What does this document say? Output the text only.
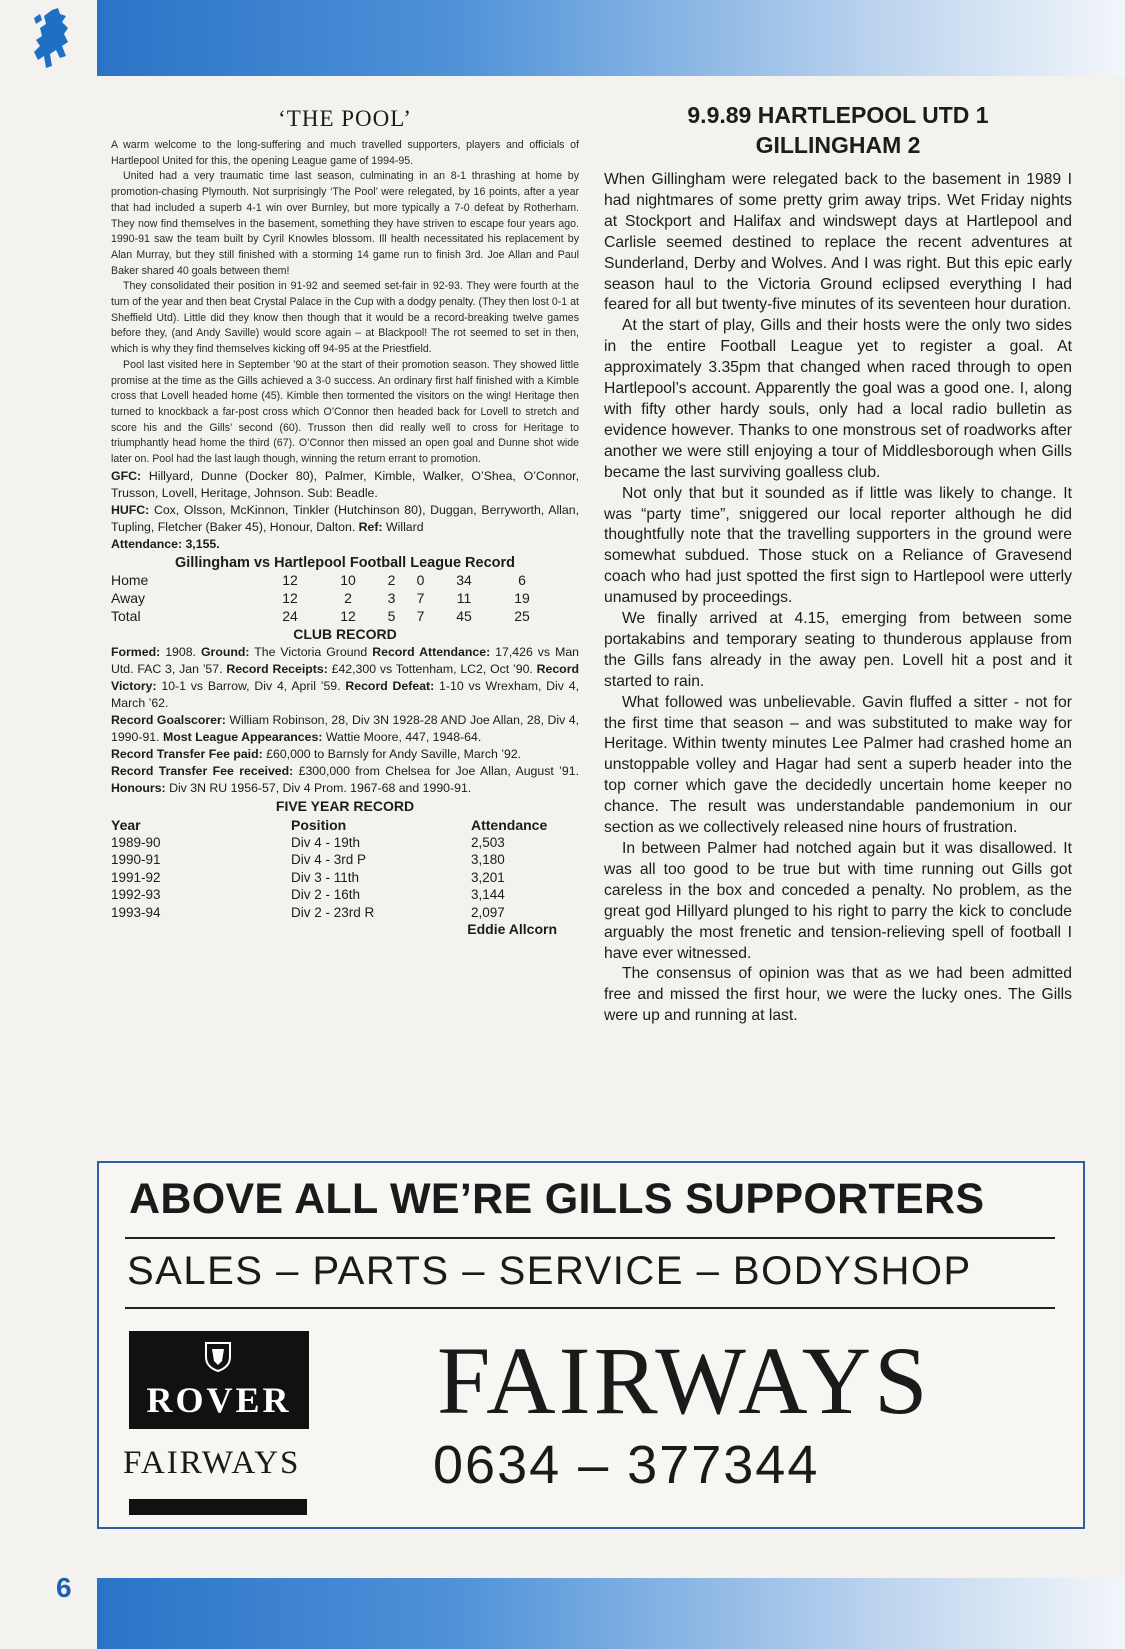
‘THE POOL’

A warm welcome to the long-suffering and much travelled supporters, players and officials of Hartlepool United for this, the opening League game of 1994-95.

United had a very traumatic time last season, culminating in an 8-1 thrashing at home by promotion-chasing Plymouth. Not surprisingly ‘The Pool’ were relegated, by 16 points, after a year that had included a superb 4-1 win over Burnley, but more typically a 7-0 defeat by Rotherham. They now find themselves in the basement, something they have striven to escape four years ago. 1990-91 saw the team built by Cyril Knowles blossom. Ill health necessitated his replacement by Alan Murray, but they still finished with a storming 14 game run to finish 3rd. Joe Allan and Paul Baker shared 40 goals between them!

They consolidated their position in 91-92 and seemed set-fair in 92-93. They were fourth at the turn of the year and then beat Crystal Palace in the Cup with a dodgy penalty. (They then lost 0-1 at Sheffield Utd). Little did they know then though that it would be a record-breaking twelve games before they, (and Andy Saville) would score again – at Blackpool! The rot seemed to set in then, which is why they find themselves kicking off 94-95 at the Priestfield.

Pool last visited here in September ’90 at the start of their promotion season. They showed little promise at the time as the Gills achieved a 3-0 success. An ordinary first half finished with a Kimble cross that Lovell headed home (45). Kimble then tormented the visitors on the wing! Heritage then turned to knockback a far-post cross which O’Connor then headed back for Lovell to stretch and score his and the Gills’ second (60). Trusson then did really well to cross for Heritage to triumphantly head home the third (67). O’Connor then missed an open goal and Dunne shot wide later on. Pool had the last laugh though, winning the return errant to promotion.

GFC: Hillyard, Dunne (Docker 80), Palmer, Kimble, Walker, O’Shea, O’Connor, Trusson, Lovell, Heritage, Johnson. Sub: Beadle.

HUFC: Cox, Olsson, McKinnon, Tinkler (Hutchinson 80), Duggan, Berryworth, Allan, Tupling, Fletcher (Baker 45), Honour, Dalton. Ref: Willard

Attendance: 3,155.

Gillingham vs Hartlepool Football League Record
Home	12	10	2	0	34	6
Away	12	2	3	7	11	19
Total	24	12	5	7	45	25
CLUB RECORD

Formed: 1908. Ground: The Victoria Ground Record Attendance: 17,426 vs Man Utd. FAC 3, Jan ’57. Record Receipts: £42,300 vs Tottenham, LC2, Oct ’90. Record Victory: 10-1 vs Barrow, Div 4, April ’59. Record Defeat: 1-10 vs Wrexham, Div 4, March ’62.
Record Goalscorer: William Robinson, 28, Div 3N 1928-28 AND Joe Allan, 28, Div 4, 1990-91. Most League Appearances: Wattie Moore, 447, 1948-64.
Record Transfer Fee paid: £60,000 to Barnsly for Andy Saville, March ’92.
Record Transfer Fee received: £300,000 from Chelsea for Joe Allan, August ’91. Honours: Div 3N RU 1956-57, Div 4 Prom. 1967-68 and 1990-91.

FIVE YEAR RECORD
Year	Position	Attendance
1989-90	Div 4 - 19th	2,503
1990-91	Div 4 - 3rd P	3,180
1991-92	Div 3 - 11th	3,201
1992-93	Div 2 - 16th	3,144
1993-94	Div 2 - 23rd R	2,097
Eddie Allcorn
9.9.89 HARTLEPOOL UTD 1
GILLINGHAM 2

When Gillingham were relegated back to the basement in 1989 I had nightmares of some pretty grim away trips. Wet Friday nights at Stockport and Halifax and windswept days at Hartlepool and Carlisle seemed destined to replace the recent adventures at Sunderland, Derby and Wolves. And I was right. But this epic early season haul to the Victoria Ground eclipsed everything I had feared for all but twenty-five minutes of its seventeen hour duration.

At the start of play, Gills and their hosts were the only two sides in the entire Football League yet to register a goal. At approximately 3.35pm that changed when raced through to open Hartlepool’s account. Apparently the goal was a good one. I, along with fifty other hardy souls, only had a local radio bulletin as evidence however. Thanks to one monstrous set of roadworks after another we were still enjoying a tour of Middlesborough when Gills became the last surviving goalless club.

Not only that but it sounded as if little was likely to change. It was “party time”, sniggered our local reporter although he did thoughtfully note that the travelling supporters in the ground were somewhat subdued. Those stuck on a Reliance of Gravesend coach who had just spotted the first sign to Hartlepool were utterly unamused by proceedings.

We finally arrived at 4.15, emerging from between some portakabins and temporary seating to thunderous applause from the Gills fans already in the away pen. Lovell hit a post and it started to rain.

What followed was unbelievable. Gavin fluffed a sitter - not for the first time that season – and was substituted to make way for Heritage. Within twenty minutes Lee Palmer had crashed home an unstoppable volley and Hagar had sent a superb header into the top corner which gave the decidedly uncertain home keeper no chance. The result was understandable pandemonium in our section as we collectively released nine hours of frustration.

In between Palmer had notched again but it was disallowed. It was all too good to be true but with time running out Gills got careless in the box and conceded a penalty. No problem, as the great god Hillyard plunged to his right to parry the kick to conclude arguably the most frenetic and tension-relieving spell of football I have ever witnessed.

The consensus of opinion was that as we had been admitted free and missed the first hour, we were the lucky ones. The Gills were up and running at last.

ABOVE ALL WE’RE GILLS SUPPORTERS
SALES – PARTS – SERVICE – BODYSHOP
ROVER
FAIRWAYS
FAIRWAYS
0634 – 377344
6
